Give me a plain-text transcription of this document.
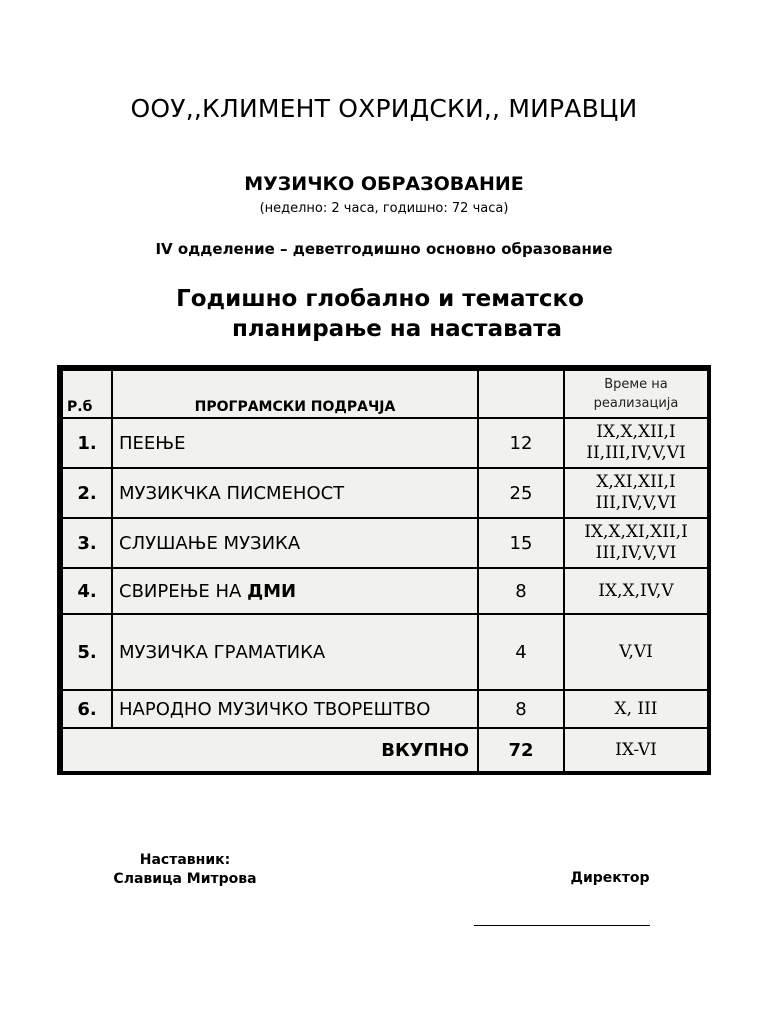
ООУ,,КЛИМЕНТ ОХРИДСКИ,, МИРАВЦИ
МУЗИЧКО ОБРАЗОВАНИЕ
(неделно: 2 часа, годишно: 72 часа)
IV одделение – деветгодишно основно образование
Годишно глобално и тематско
планирање на наставата
Р.б	ПРОГРАМСКИ ПОДРАЧЈА		Време на
реализација

1.	ПЕЕЊЕ	12	IX,X,XII,I
II,III,IV,V,VI

2.	МУЗИКЧКА ПИСМЕНОСТ	25	X,XI,XII,I
III,IV,V,VI

3.	СЛУШАЊЕ МУЗИКА	15	IX,X,XI,XII,I
III,IV,V,VI

4.	СВИРЕЊЕ НА ДМИ	8	IX,X,IV,V

5.	МУЗИЧКА ГРАМАТИКА	4	V,VI

6.	НАРОДНО МУЗИЧКО ТВОРЕШТВО	8	X, III

ВКУПНО		72	IX-VI
Наставник:
Славица Митрова	Директор
